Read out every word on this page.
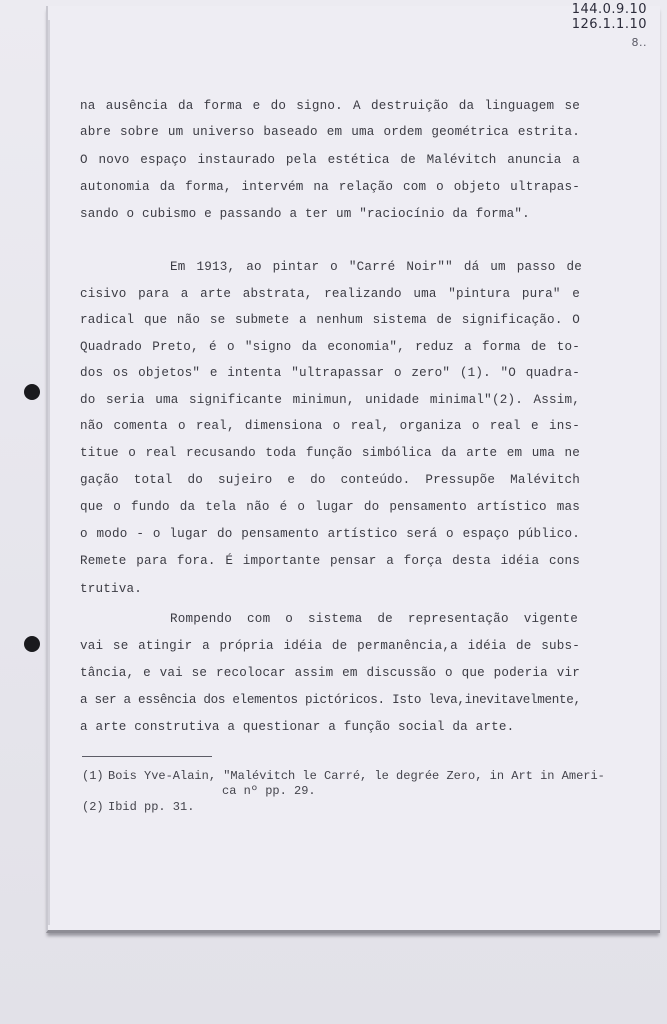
144.0.9.10
126.1.1.10
8..
na ausência da forma e do signo. A destruição da linguagem se
abre sobre um universo baseado em uma ordem geométrica estrita.
O novo espaço instaurado pela estética de Malévitch anuncia a
autonomia da forma, intervém na relação com o objeto ultrapas-
sando o cubismo e passando a ter um "raciocínio da forma".
Em 1913, ao pintar o "Carré Noir"" dá um passo de
cisivo para a arte abstrata, realizando uma "pintura pura" e
radical que não se submete a nenhum sistema de significação. O
Quadrado Preto, é o "signo da economia", reduz a forma de to-
dos os objetos" e intenta "ultrapassar o zero" (1). "O quadra-
do seria uma significante minimun, unidade minimal"(2). Assim,
não comenta o real, dimensiona o real, organiza o real e ins-
titue o real recusando toda função simbólica da arte em uma ne
gação total do sujeiro e do conteúdo. Pressupõe Malévitch
que o fundo da tela não é o lugar do pensamento artístico mas
o modo - o lugar do pensamento artístico será o espaço público.
Remete para fora. É importante pensar a força desta idéia cons
trutiva.
Rompendo com o sistema de representação vigente
vai se atingir a própria idéia de permanência,a idéia de subs-
tância, e vai se recolocar assim em discussão o que poderia vir
a ser a essência dos elementos pictóricos. Isto leva,inevitavelmente,
a arte construtiva a questionar a função social da arte.
(1) Bois Yve-Alain, "Malévitch le Carré, le degrée Zero, in Art in Ameri-
ca nº pp. 29.
(2) Ibid pp. 31.
